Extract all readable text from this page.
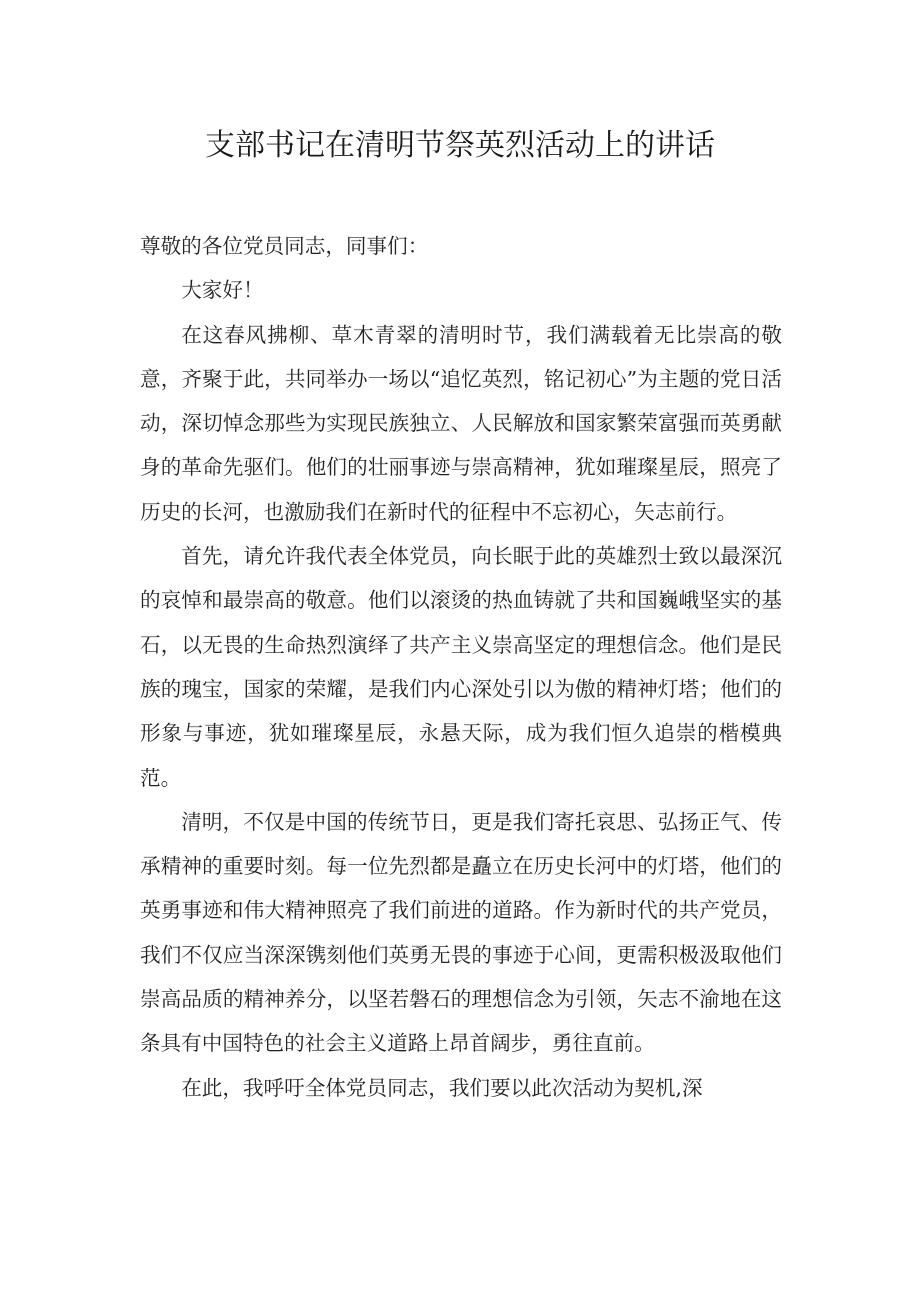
支部书记在清明节祭英烈活动上的讲话

尊敬的各位党员同志，同事们：

大家好！

在这春风拂柳、草木青翠的清明时节，我们满载着无比崇高的敬意，齐聚于此，共同举办一场以“追忆英烈，铭记初心”为主题的党日活动，深切悼念那些为实现民族独立、人民解放和国家繁荣富强而英勇献身的革命先驱们。他们的壮丽事迹与崇高精神，犹如璀璨星辰，照亮了历史的长河，也激励我们在新时代的征程中不忘初心，矢志前行。

首先，请允许我代表全体党员，向长眠于此的英雄烈士致以最深沉的哀悼和最崇高的敬意。他们以滚烫的热血铸就了共和国巍峨坚实的基石，以无畏的生命热烈演绎了共产主义崇高坚定的理想信念。他们是民族的瑰宝，国家的荣耀，是我们内心深处引以为傲的精神灯塔；他们的形象与事迹，犹如璀璨星辰，永悬天际，成为我们恒久追崇的楷模典范。

清明，不仅是中国的传统节日，更是我们寄托哀思、弘扬正气、传承精神的重要时刻。每一位先烈都是矗立在历史长河中的灯塔，他们的英勇事迹和伟大精神照亮了我们前进的道路。作为新时代的共产党员，我们不仅应当深深镌刻他们英勇无畏的事迹于心间，更需积极汲取他们崇高品质的精神养分，以坚若磐石的理想信念为引领，矢志不渝地在这条具有中国特色的社会主义道路上昂首阔步，勇往直前。

在此，我呼吁全体党员同志，我们要以此次活动为契机,深
